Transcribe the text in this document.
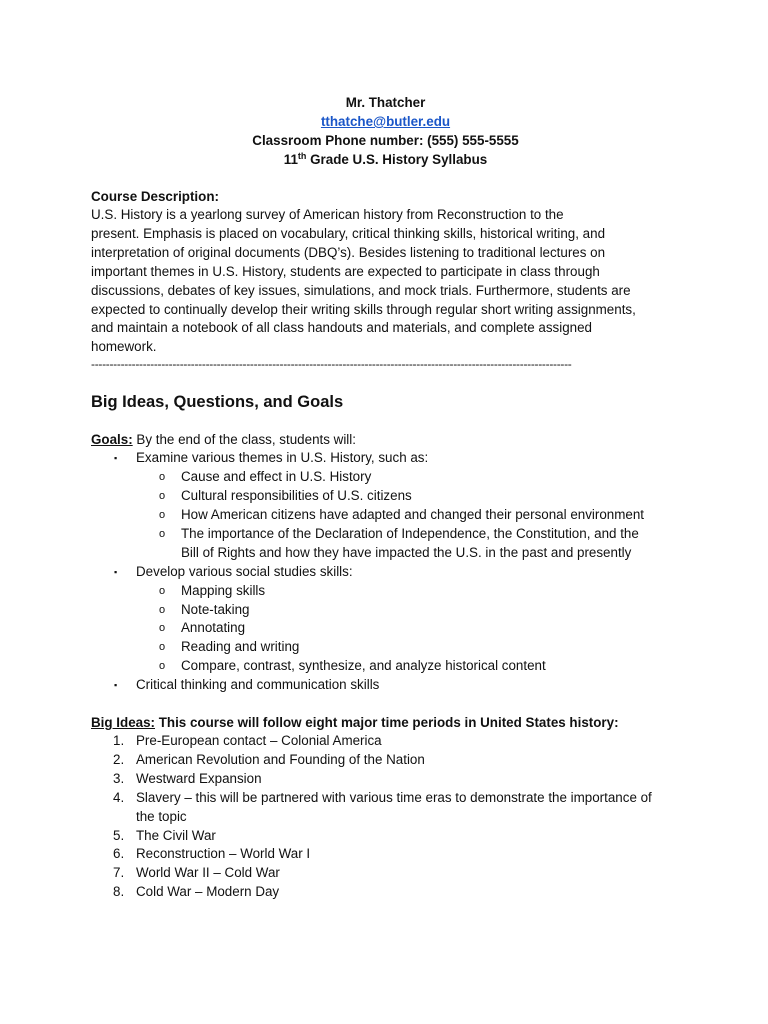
Mr. Thatcher
tthatche@butler.edu
Classroom Phone number: (555) 555-5555
11th Grade U.S. History Syllabus
Course Description:

U.S. History is a yearlong survey of American history from Reconstruction to the

present. Emphasis is placed on vocabulary, critical thinking skills, historical writing, and

interpretation of original documents (DBQ’s). Besides listening to traditional lectures on

important themes in U.S. History, students are expected to participate in class through

discussions, debates of key issues, simulations, and mock trials. Furthermore, students are

expected to continually develop their writing skills through regular short writing assignments,

and maintain a notebook of all class handouts and materials, and complete assigned

homework.

----------------------------------------------------------------------------------------------------------------------------------
Big Ideas, Questions, and Goals
Goals: By the end of the class, students will:
▪ Examine various themes in U.S. History, such as:
o Cause and effect in U.S. History
o Cultural responsibilities of U.S. citizens
o How American citizens have adapted and changed their personal environment
o The importance of the Declaration of Independence, the Constitution, and the
Bill of Rights and how they have impacted the U.S. in the past and presently
▪ Develop various social studies skills:
o Mapping skills
o Note-taking
o Annotating
o Reading and writing
o Compare, contrast, synthesize, and analyze historical content
▪ Critical thinking and communication skills
Big Ideas: This course will follow eight major time periods in United States history:
1. Pre-European contact – Colonial America
2. American Revolution and Founding of the Nation
3. Westward Expansion
4. Slavery – this will be partnered with various time eras to demonstrate the importance of
the topic
5. The Civil War
6. Reconstruction – World War I
7. World War II – Cold War
8. Cold War – Modern Day
